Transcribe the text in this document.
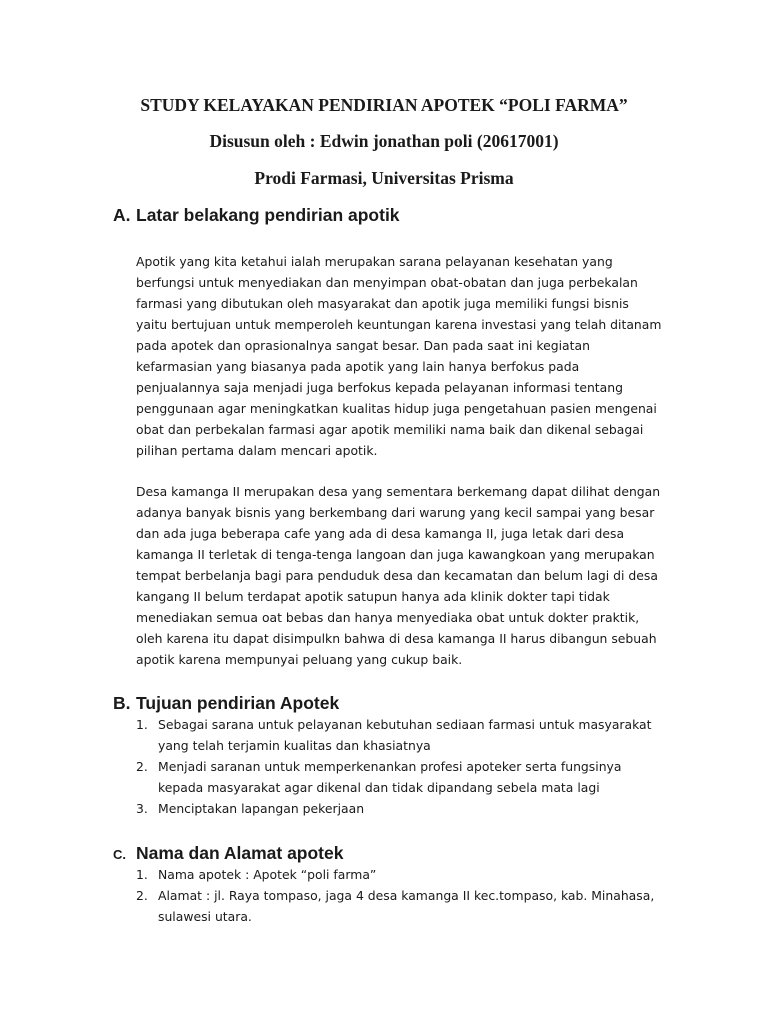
STUDY KELAYAKAN PENDIRIAN APOTEK “POLI FARMA”
Disusun oleh : Edwin jonathan poli (20617001)
Prodi Farmasi, Universitas Prisma
A. Latar belakang pendirian apotik
Apotik yang kita ketahui ialah merupakan sarana pelayanan kesehatan yang
berfungsi untuk menyediakan dan menyimpan obat-obatan dan juga perbekalan
farmasi yang dibutukan oleh masyarakat dan apotik juga memiliki fungsi bisnis
yaitu bertujuan untuk memperoleh keuntungan karena investasi yang telah ditanam
pada apotek dan oprasionalnya sangat besar. Dan pada saat ini kegiatan
kefarmasian yang biasanya pada apotik yang lain hanya berfokus pada
penjualannya saja menjadi juga berfokus kepada pelayanan informasi tentang
penggunaan agar meningkatkan kualitas hidup juga pengetahuan pasien mengenai
obat dan perbekalan farmasi agar apotik memiliki nama baik dan dikenal sebagai
pilihan pertama dalam mencari apotik.
Desa kamanga II merupakan desa yang sementara berkemang dapat dilihat dengan
adanya banyak bisnis yang berkembang dari warung yang kecil sampai yang besar
dan ada juga beberapa cafe yang ada di desa kamanga II, juga letak dari desa
kamanga II terletak di tenga-tenga langoan dan juga kawangkoan yang merupakan
tempat berbelanja bagi para penduduk desa dan kecamatan dan belum lagi di desa
kangang II belum terdapat apotik satupun hanya ada klinik dokter tapi tidak
menediakan semua oat bebas dan hanya menyediaka obat untuk dokter praktik,
oleh karena itu dapat disimpulkn bahwa di desa kamanga II harus dibangun sebuah
apotik karena mempunyai peluang yang cukup baik.
B. Tujuan pendirian Apotek
1. Sebagai sarana untuk pelayanan kebutuhan sediaan farmasi untuk masyarakat
yang telah terjamin kualitas dan khasiatnya
2. Menjadi saranan untuk memperkenankan profesi apoteker serta fungsinya
kepada masyarakat agar dikenal dan tidak dipandang sebela mata lagi
3. Menciptakan lapangan pekerjaan
C. Nama dan Alamat apotek
1. Nama apotek : Apotek “poli farma”
2. Alamat : jl. Raya tompaso, jaga 4 desa kamanga II kec.tompaso, kab. Minahasa,
sulawesi utara.
